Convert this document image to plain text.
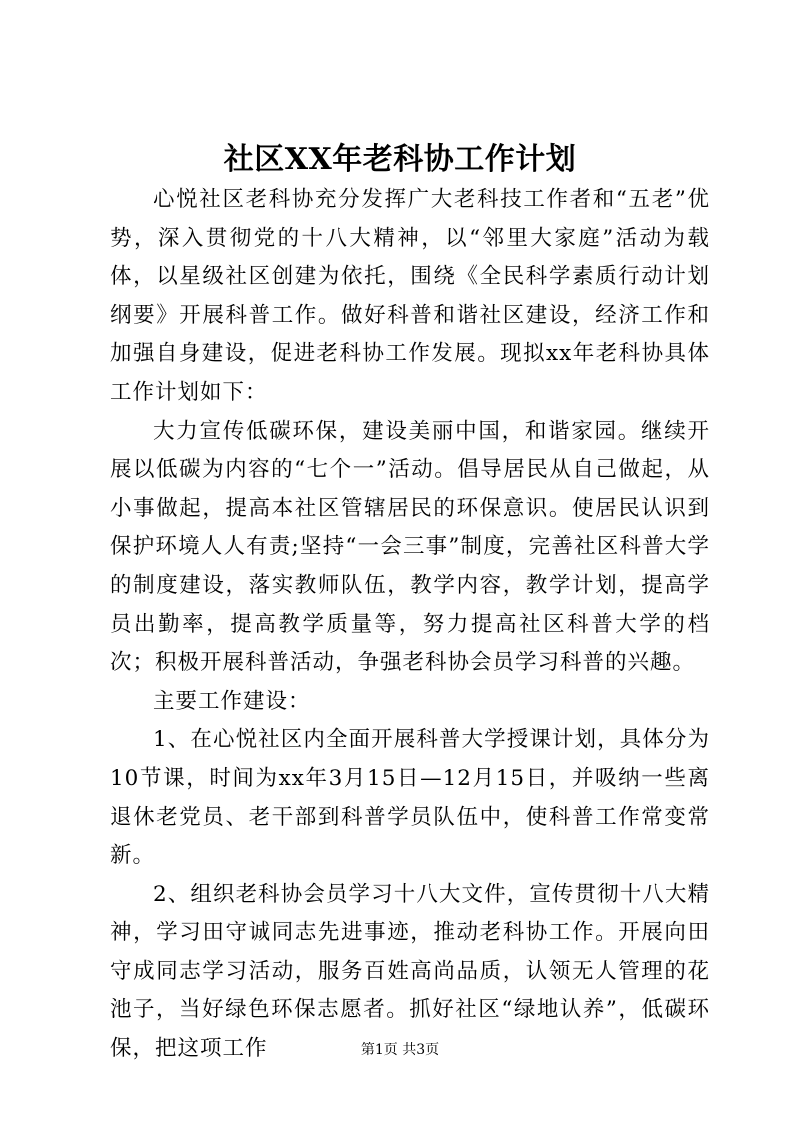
社区XX年老科协工作计划

心悦社区老科协充分发挥广大老科技工作者和“五老”优势，深入贯彻党的十八大精神，以“邻里大家庭”活动为载体，以星级社区创建为依托，围绕《全民科学素质行动计划纲要》开展科普工作。做好科普和谐社区建设，经济工作和加强自身建设，促进老科协工作发展。现拟xx年老科协具体工作计划如下：

大力宣传低碳环保，建设美丽中国，和谐家园。继续开展以低碳为内容的“七个一”活动。倡导居民从自己做起，从小事做起，提高本社区管辖居民的环保意识。使居民认识到保护环境人人有责;坚持“一会三事”制度，完善社区科普大学的制度建设，落实教师队伍，教学内容，教学计划，提高学员出勤率，提高教学质量等，努力提高社区科普大学的档次；积极开展科普活动，争强老科协会员学习科普的兴趣。

主要工作建设：

1、在心悦社区内全面开展科普大学授课计划，具体分为10节课，时间为xx年3月15日—12月15日，并吸纳一些离退休老党员、老干部到科普学员队伍中，使科普工作常变常新。

2、组织老科协会员学习十八大文件，宣传贯彻十八大精神，学习田守诚同志先进事迹，推动老科协工作。开展向田守成同志学习活动，服务百姓高尚品质，认领无人管理的花池子，当好绿色环保志愿者。抓好社区“绿地认养”，低碳环保，把这项工作	第1页 共3页
